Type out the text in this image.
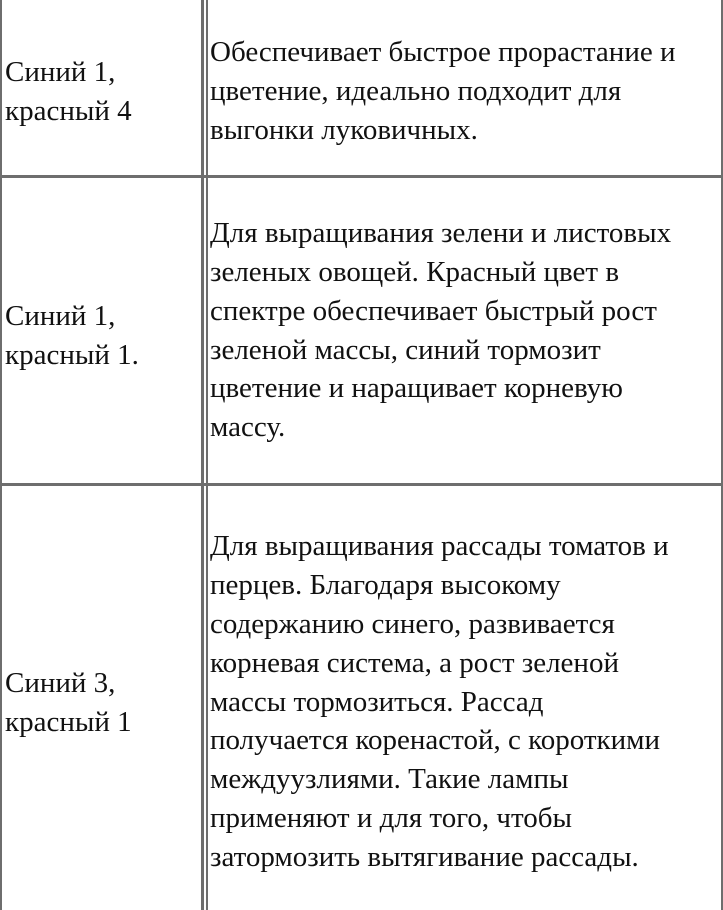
Синий 1,
красный 4
Обеспечивает быстрое прорастание и
цветение, идеально подходит для
выгонки луковичных.
Синий 1,
красный 1.
Для выращивания зелени и листовых
зеленых овощей. Красный цвет в
спектре обеспечивает быстрый рост
зеленой массы, синий тормозит
цветение и наращивает корневую
массу.
Синий 3,
красный 1
Для выращивания рассады томатов и
перцев. Благодаря высокому
содержанию синего, развивается
корневая система, а рост зеленой
массы тормозиться. Рассад
получается коренастой, с короткими
междуузлиями. Такие лампы
применяют и для того, чтобы
затормозить вытягивание рассады.
